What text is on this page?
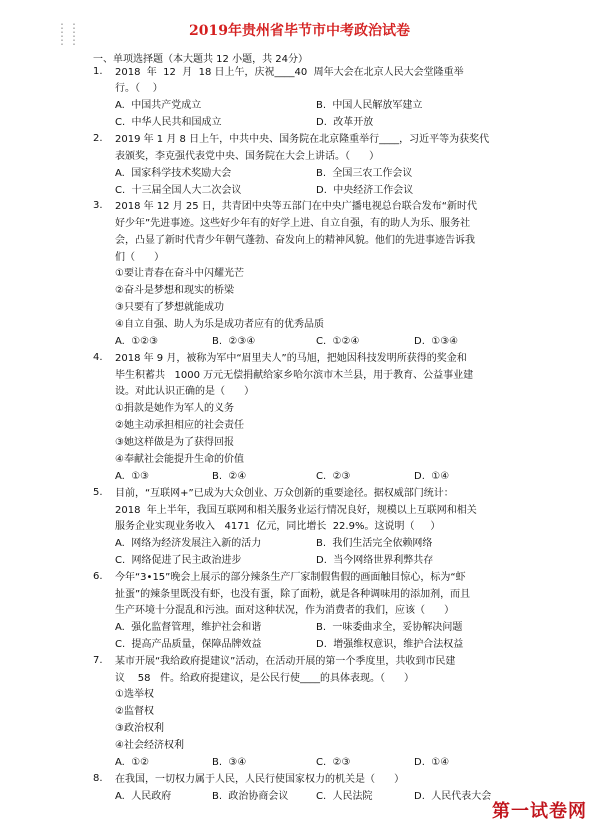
⋮⋮
⋮⋮
2019年贵州省毕节市中考政治试卷
一、单项选择题（本大题共 12 小题，共 24分）
1. 2018  年  12  月  18 日上午，庆祝____40  周年大会在北京人民大会堂隆重举
行。（    ）
A.  中国共产党成立	B.  中国人民解放军建立
C.  中华人民共和国成立	D.  改革开放
2. 2019 年 1 月 8 日上午，中共中央、国务院在北京隆重举行____，习近平等为获奖代
表颁奖，李克强代表党中央、国务院在大会上讲话。（      ）
A.  国家科学技术奖励大会	B.  全国三农工作会议
C.  十三届全国人大二次会议	D.  中央经济工作会议
3. 2018 年 12 月 25 日，共青团中央等五部门在中央广播电视总台联合发布“新时代
好少年”先进事迹。这些好少年有的好学上进、自立自强，有的助人为乐、服务社
会，凸显了新时代青少年朝气蓬勃、奋发向上的精神风貌。他们的先进事迹告诉我
们（      ）
①要让青春在奋斗中闪耀光芒
②奋斗是梦想和现实的桥梁
③只要有了梦想就能成功
④自立自强、助人为乐是成功者应有的优秀品质
A.  ①②③	B.  ②③④	C.  ①②④	D.  ①③④
4. 2018 年 9 月，被称为军中“眉里夫人”的马旭，把她因科技发明所获得的奖金和
毕生积蓄共   1000 万元无偿捐献给家乡哈尔滨市木兰县，用于教育、公益事业建
设。对此认识正确的是（      ）
①捐款是她作为军人的义务
②她主动承担相应的社会责任
③她这样做是为了获得回报
④奉献社会能提升生命的价值
A.  ①③	B.  ②④	C.  ②③	D.  ①④
5. 目前，“互联网+”已成为大众创业、万众创新的重要途径。据权威部门统计：
2018  年上半年，我国互联网和相关服务业运行情况良好，规模以上互联网和相关
服务企业实现业务收入   4171  亿元，同比增长  22.9%。这说明（     ）
A.  网络为经济发展注入新的活力	B.  我们生活完全依赖网络
C.  网络促进了民主政治进步	D.  当今网络世界利弊共存
6. 今年“3•15”晚会上展示的部分辣条生产厂家制假售假的画面触目惊心，标为“虾
扯蛋”的辣条里既没有虾，也没有蛋，除了面粉，就是各种调味用的添加剂，而且
生产环境十分混乱和污浊。面对这种状况，作为消费者的我们，应该（      ）
A.  强化监督管理，维护社会和谐	B.  一味委曲求全，妥协解决问题
C.  提高产品质量，保障品牌效益	D.  增强维权意识，维护合法权益
7. 某市开展“我给政府提建议”活动，在活动开展的第一个季度里，共收到市民建
议    58   件。给政府提建议，是公民行使____的具体表现。（      ）
①选举权
②监督权
③政治权利
④社会经济权利
A.  ①②	B.  ③④	C.  ②③	D.  ①④
8. 在我国，一切权力属于人民，人民行使国家权力的机关是（      ）
A.  人民政府	B.  政治协商会议	C.  人民法院	D.  人民代表大会
第一试卷网
